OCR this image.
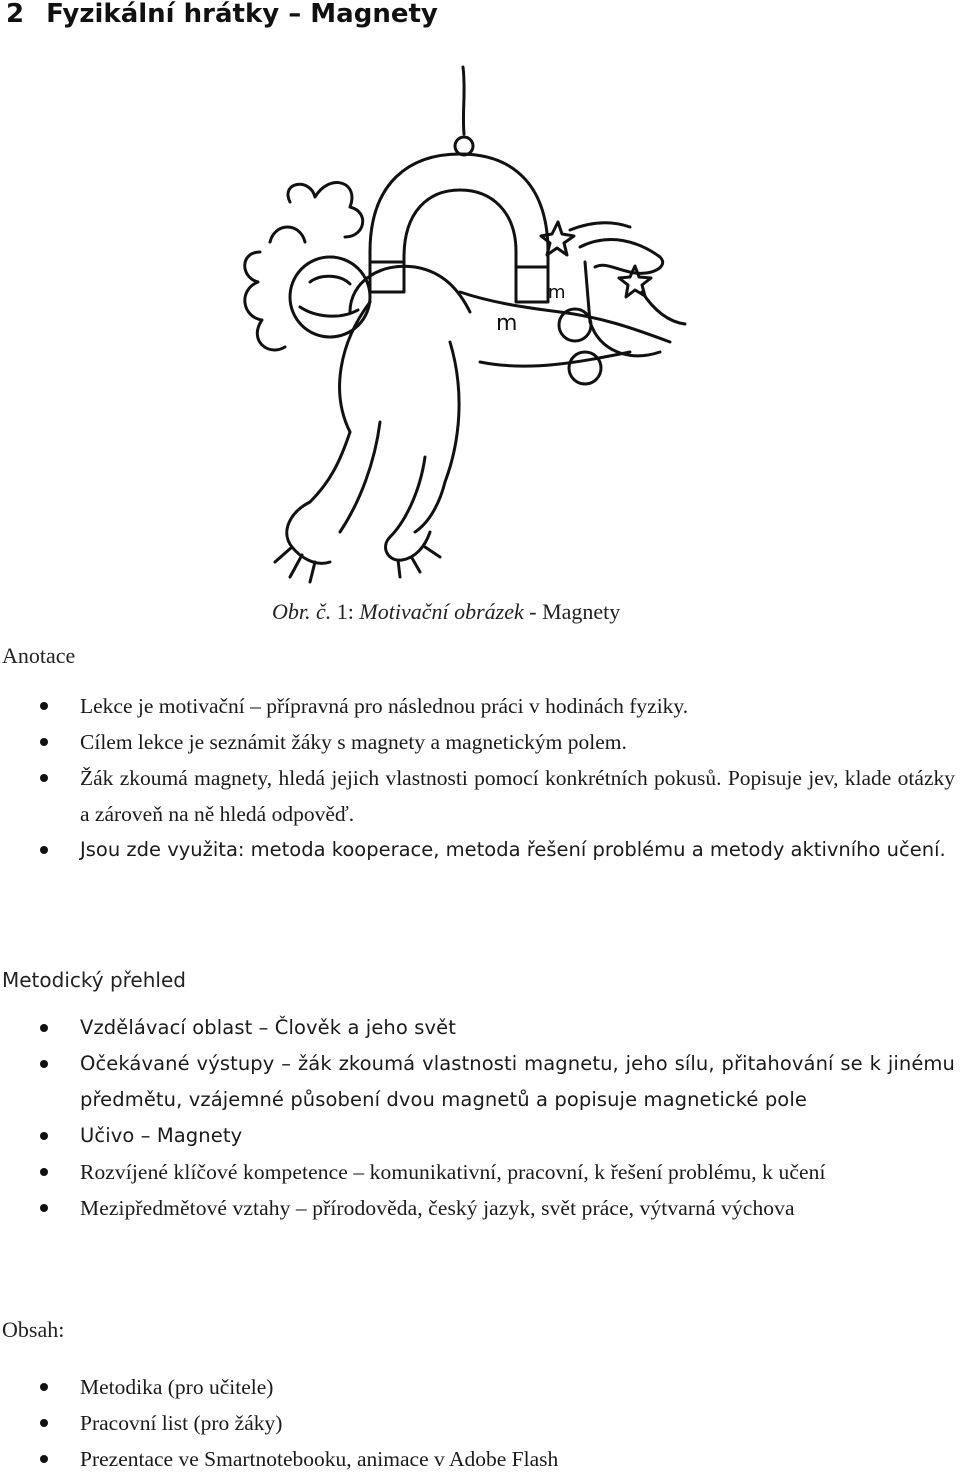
2 Fyzikální hrátky – Magnety
m
m
Obr. č. 1: Motivační obrázek - Magnety
Anotace
Lekce je motivační – přípravná pro následnou práci v hodinách fyziky.
Cílem lekce je seznámit žáky s magnety a magnetickým polem.
Žák zkoumá magnety, hledá jejich vlastnosti pomocí konkrétních pokusů. Popisuje jev, klade otázky a zároveň na ně hledá odpověď.
Jsou zde využita: metoda kooperace, metoda řešení problému a metody aktivního učení.
Metodický přehled
Vzdělávací oblast – Člověk a jeho svět
Očekávané výstupy – žák zkoumá vlastnosti magnetu, jeho sílu, přitahování se k jinému předmětu, vzájemné působení dvou magnetů a popisuje magnetické pole
Učivo – Magnety
Rozvíjené klíčové kompetence – komunikativní, pracovní, k řešení problému, k učení
Mezipředmětové vztahy – přírodověda, český jazyk, svět práce, výtvarná výchova
Obsah:
Metodika (pro učitele)
Pracovní list (pro žáky)
Prezentace ve Smartnotebooku, animace v Adobe Flash
